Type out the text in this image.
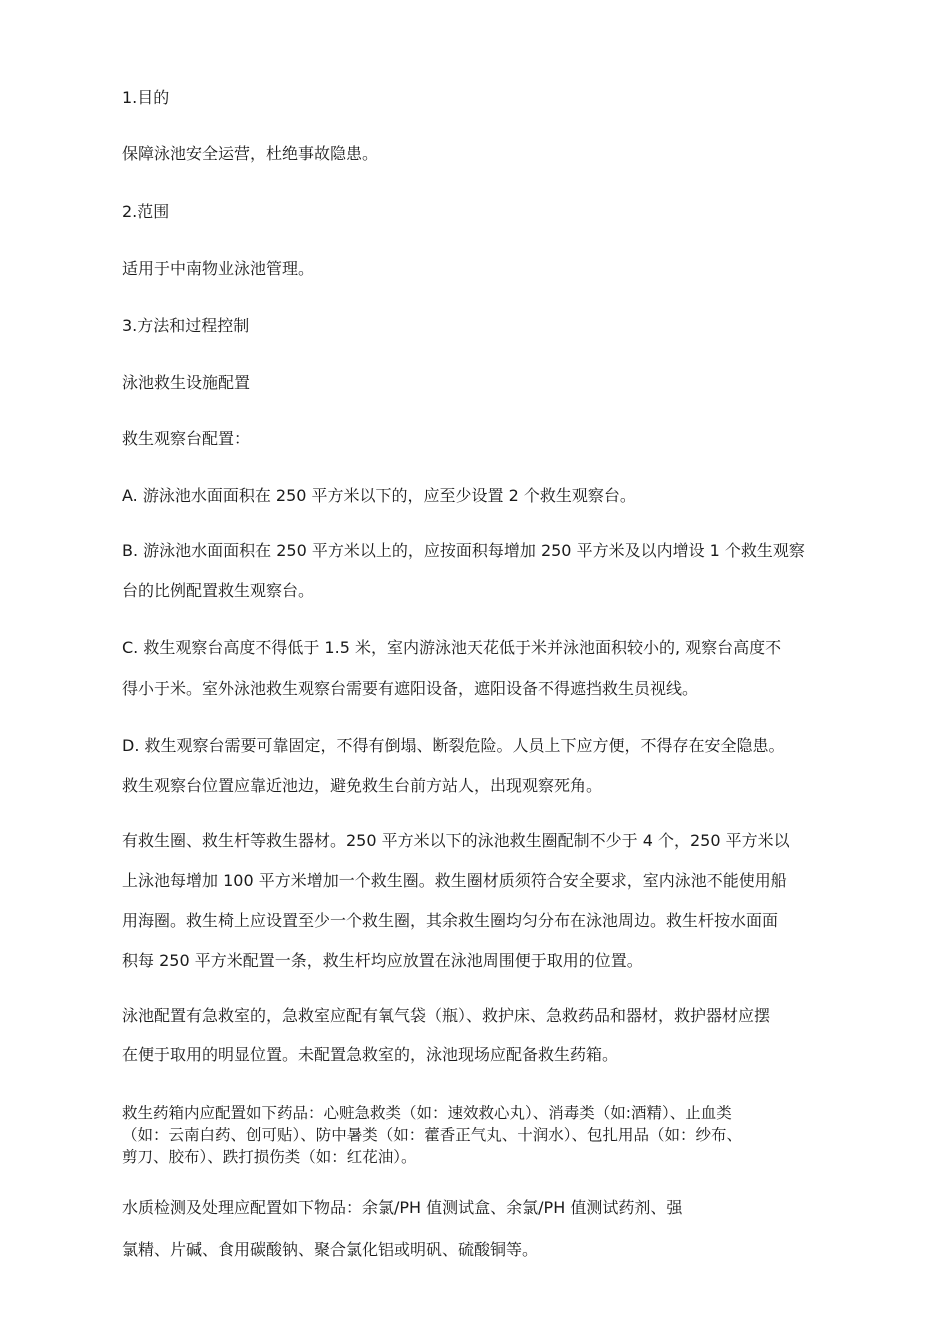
1.目的
保障泳池安全运营，杜绝事故隐患。
2.范围
适用于中南物业泳池管理。
3.方法和过程控制
泳池救生设施配置
救生观察台配置：
A. 游泳池水面面积在 250 平方米以下的，应至少设置 2 个救生观察台。
B. 游泳池水面面积在 250 平方米以上的，应按面积每增加 250 平方米及以内增设 1 个救生观察
台的比例配置救生观察台。
C. 救生观察台高度不得低于 1.5 米，室内游泳池天花低于米并泳池面积较小的, 观察台高度不
得小于米。室外泳池救生观察台需要有遮阳设备，遮阳设备不得遮挡救生员视线。
D. 救生观察台需要可靠固定，不得有倒塌、断裂危险。人员上下应方便，不得存在安全隐患。
救生观察台位置应靠近池边，避免救生台前方站人，出现观察死角。
有救生圈、救生杆等救生器材。250 平方米以下的泳池救生圈配制不少于 4 个，250 平方米以
上泳池每增加 100 平方米增加一个救生圈。救生圈材质须符合安全要求，室内泳池不能使用船
用海圈。救生椅上应设置至少一个救生圈，其余救生圈均匀分布在泳池周边。救生杆按水面面
积每 250 平方米配置一条，救生杆均应放置在泳池周围便于取用的位置。
泳池配置有急救室的，急救室应配有氧气袋（瓶）、救护床、急救药品和器材，救护器材应摆
在便于取用的明显位置。未配置急救室的，泳池现场应配备救生药箱。
救生药箱内应配置如下药品：心赃急救类（如：速效救心丸）、消毒类（如:酒精）、止血类
（如：云南白药、创可贴）、防中暑类（如：藿香正气丸、十润水）、包扎用品（如：纱布、
剪刀、胶布）、跌打损伤类（如：红花油）。
水质检测及处理应配置如下物品：余氯/PH 值测试盒、余氯/PH 值测试药剂、强
氯精、片碱、食用碳酸钠、聚合氯化铝或明矾、硫酸铜等。
